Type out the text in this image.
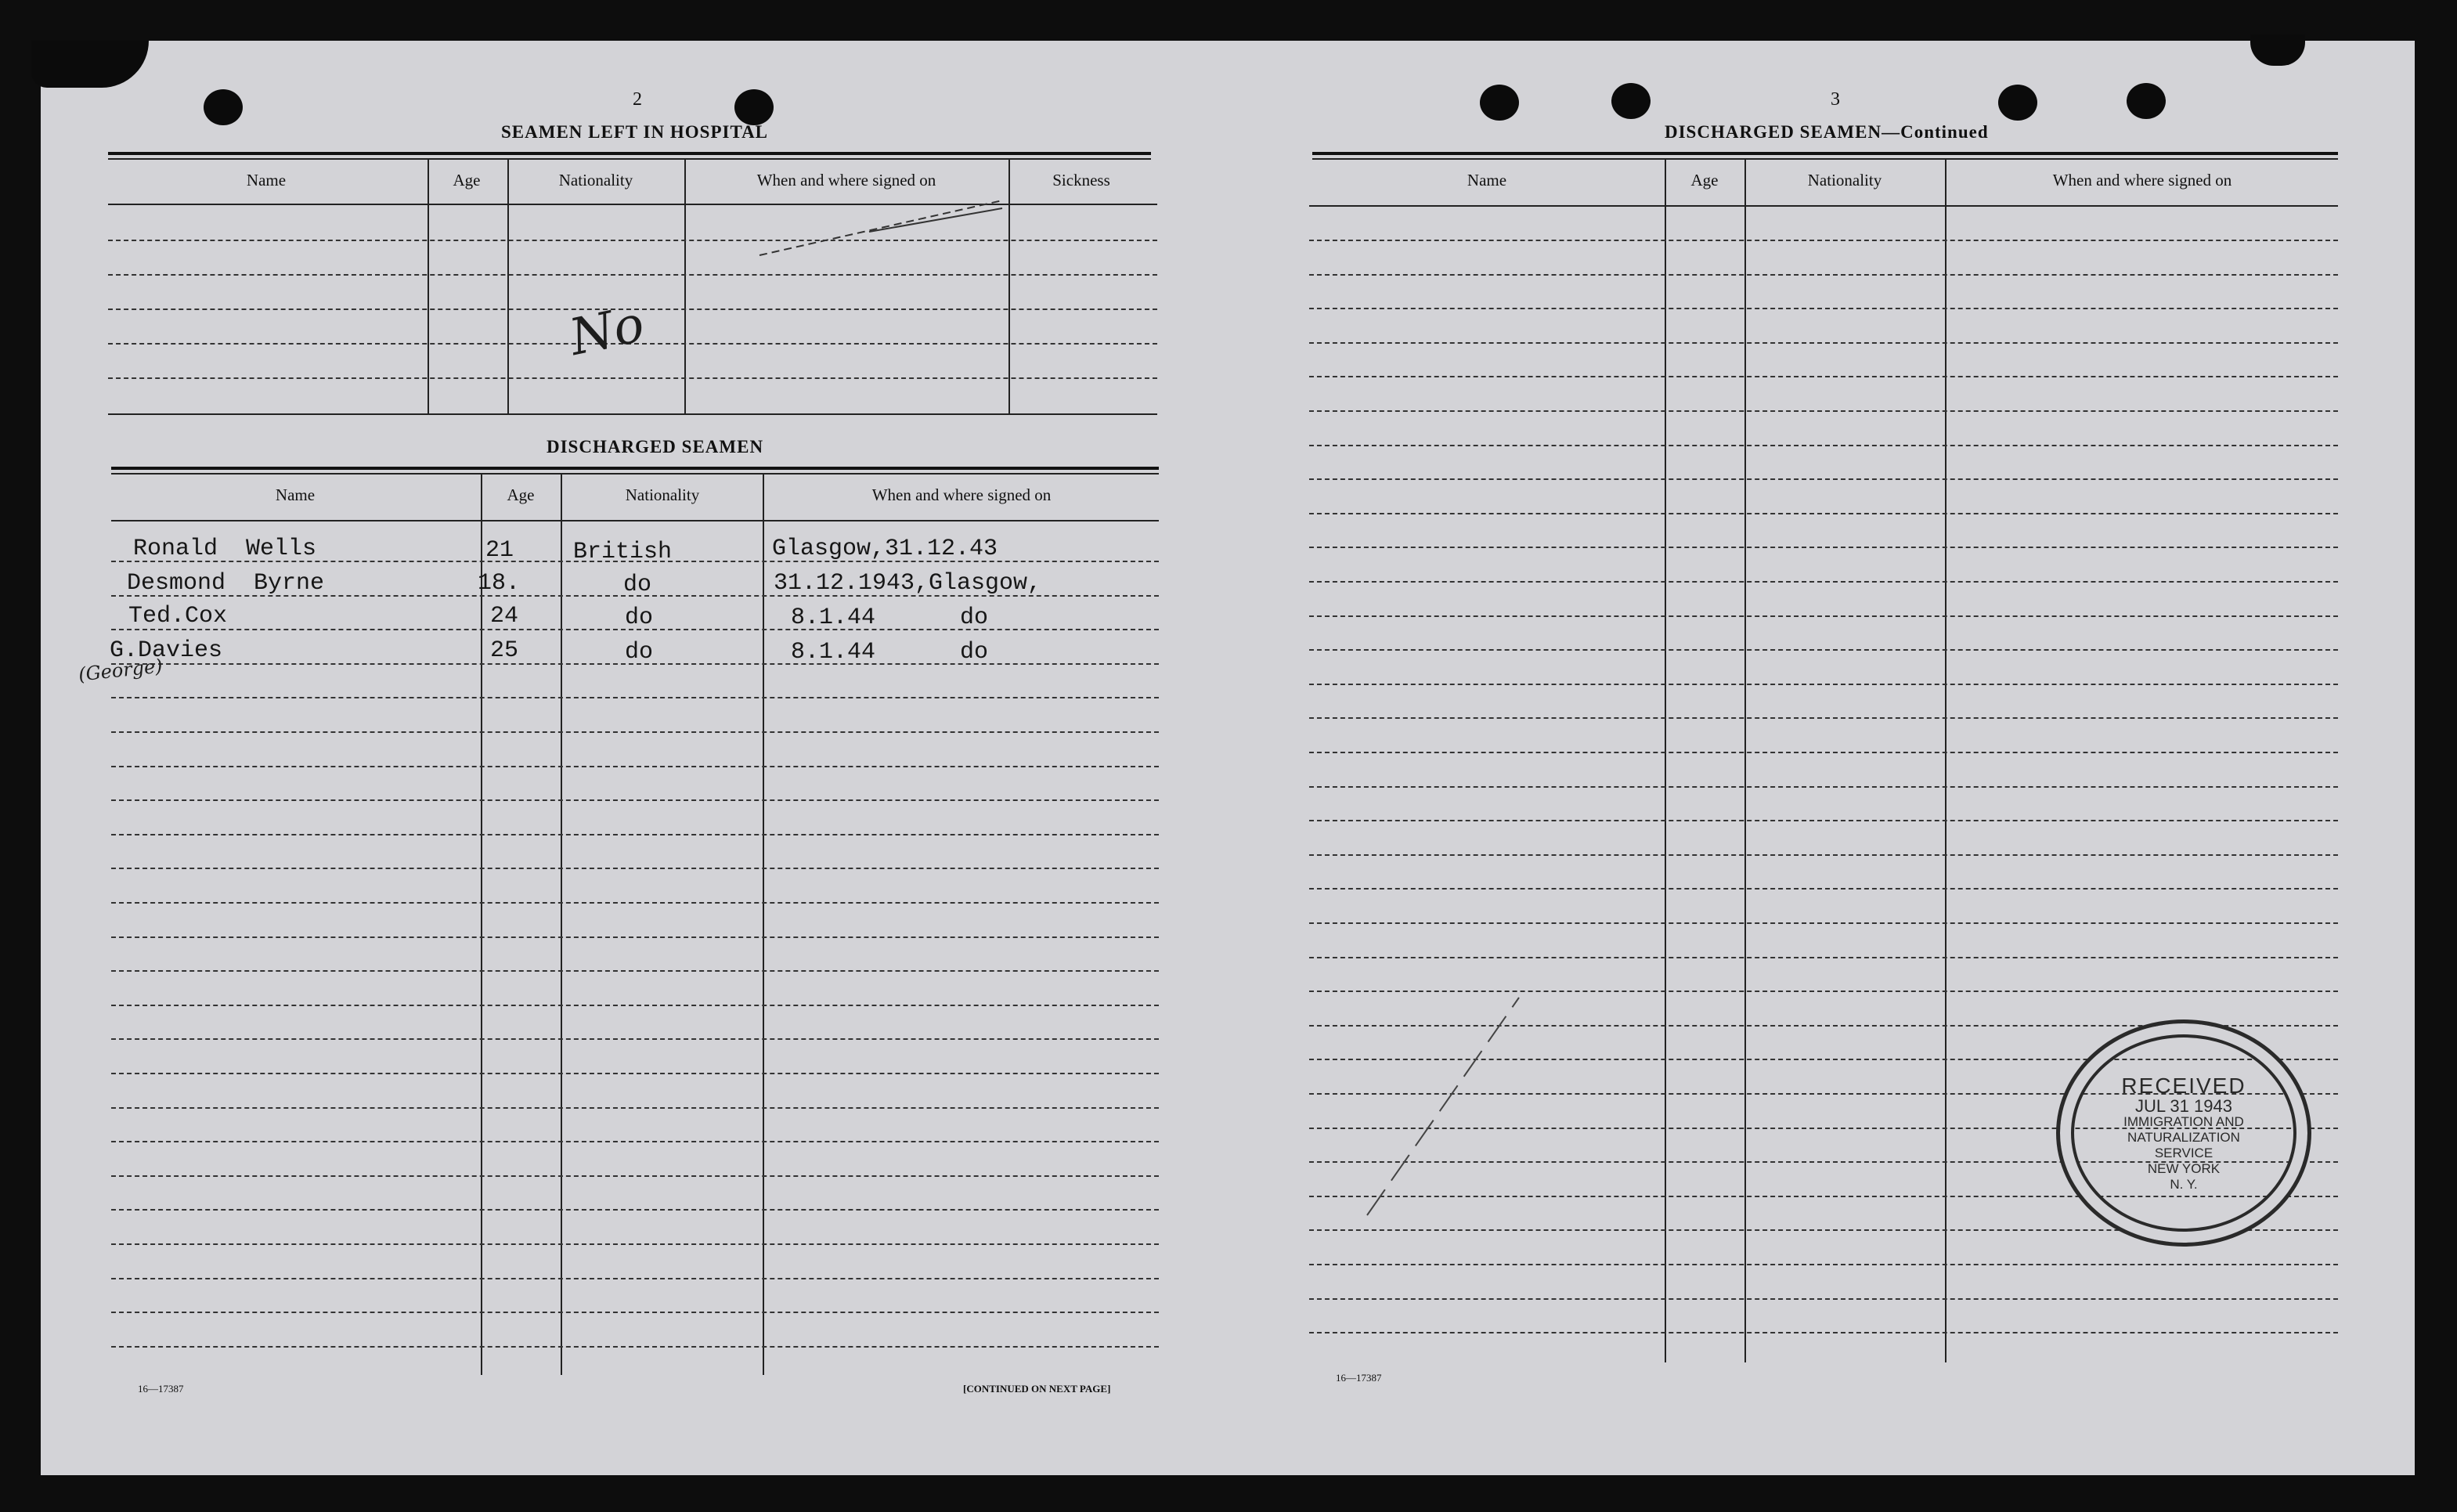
2
SEAMEN LEFT IN HOSPITAL
Name	Age	Nationality	When and where signed on	Sickness
No
DISCHARGED SEAMEN
Name	Age	Nationality	When and where signed on
Ronald  Wells	21	British	Glasgow,31.12.43
Desmond  Byrne	18.	do	31.12.1943,Glasgow,
Ted.Cox	24	do	8.1.44      do
G.Davies	25	do	8.1.44      do
(George)
16—17387	[CONTINUED ON NEXT PAGE]
3
DISCHARGED SEAMEN—Continued
Name	Age	Nationality	When and where signed on
RECEIVED
JUL 31 1943
IMMIGRATION AND
NATURALIZATION
SERVICE
NEW YORK
N. Y.
16—17387
